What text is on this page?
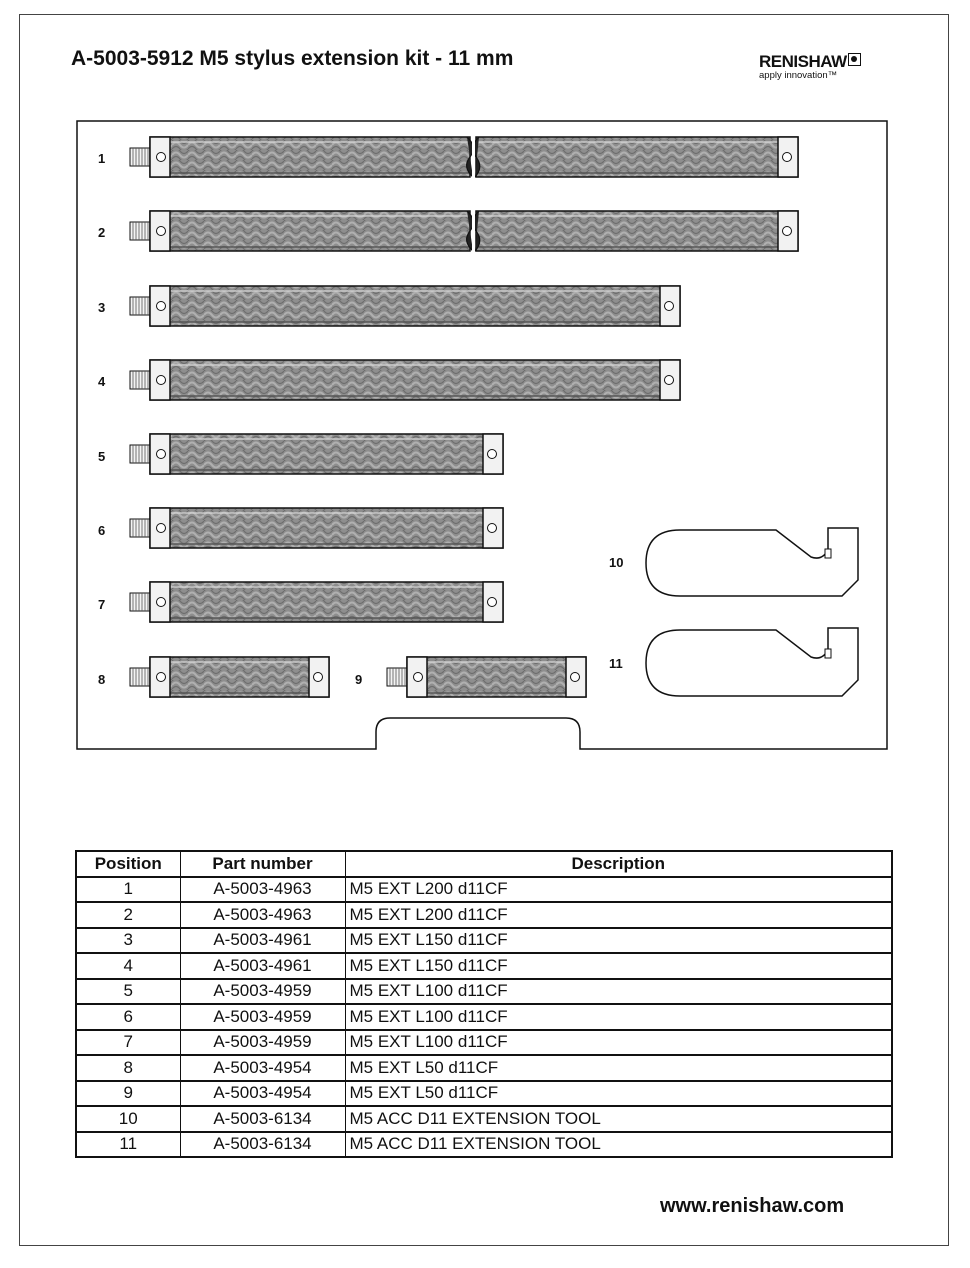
A-5003-5912 M5 stylus extension kit - 11 mm	RENISHAW
apply innovation™
1
2
3
4
5
6
7
8	9
10
11
Position	Part number	Description
1	A-5003-4963	M5 EXT L200 d11CF
2	A-5003-4963	M5 EXT L200 d11CF
3	A-5003-4961	M5 EXT L150 d11CF
4	A-5003-4961	M5 EXT L150 d11CF
5	A-5003-4959	M5 EXT L100 d11CF
6	A-5003-4959	M5 EXT L100 d11CF
7	A-5003-4959	M5 EXT L100 d11CF
8	A-5003-4954	M5 EXT L50 d11CF
9	A-5003-4954	M5 EXT L50 d11CF
10	A-5003-6134	M5 ACC D11 EXTENSION TOOL
11	A-5003-6134	M5 ACC D11 EXTENSION TOOL
www.renishaw.com
